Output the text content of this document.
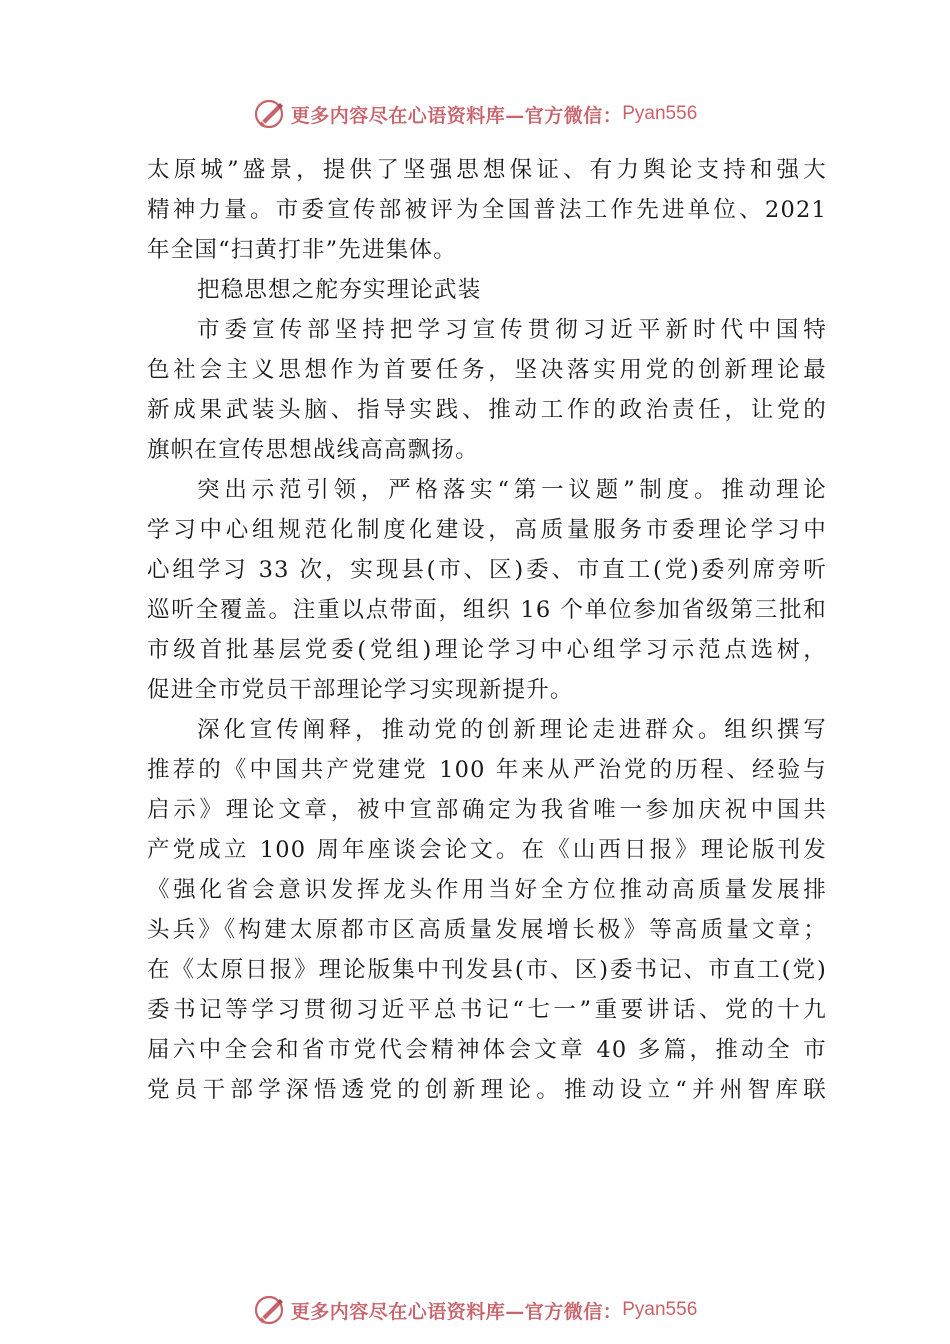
更多内容尽在心语资料库—官方微信： Pyan556
太原城”盛景，提供了坚强思想保证、有力舆论支持和强大
精神力量。市委宣传部被评为全国普法工作先进单位、2021
年全国“扫黄打非”先进集体。
把稳思想之舵夯实理论武装
市委宣传部坚持把学习宣传贯彻习近平新时代中国特
色社会主义思想作为首要任务，坚决落实用党的创新理论最
新成果武装头脑、指导实践、推动工作的政治责任，让党的
旗帜在宣传思想战线高高飘扬。
突出示范引领，严格落实“第一议题”制度。推动理论
学习中心组规范化制度化建设，高质量服务市委理论学习中
心组学习 33 次，实现县(市、区)委、市直工(党)委列席旁听
巡听全覆盖。注重以点带面，组织 16 个单位参加省级第三批和
市级首批基层党委(党组)理论学习中心组学习示范点选树，
促进全市党员干部理论学习实现新提升。
深化宣传阐释，推动党的创新理论走进群众。组织撰写
推荐的《中国共产党建党 100 年来从严治党的历程、经验与
启示》理论文章，被中宣部确定为我省唯一参加庆祝中国共
产党成立 100 周年座谈会论文。在《山西日报》理论版刊发
《强化省会意识发挥龙头作用当好全方位推动高质量发展排
头兵》《构建太原都市区高质量发展增长极》等高质量文章；
在《太原日报》理论版集中刊发县(市、区)委书记、市直工(党)
委书记等学习贯彻习近平总书记“七一”重要讲话、党的十九
届六中全会和省市党代会精神体会文章 40 多篇，推动全 市
党员干部学深悟透党的创新理论。推动设立“并州智库联
更多内容尽在心语资料库—官方微信： Pyan556
